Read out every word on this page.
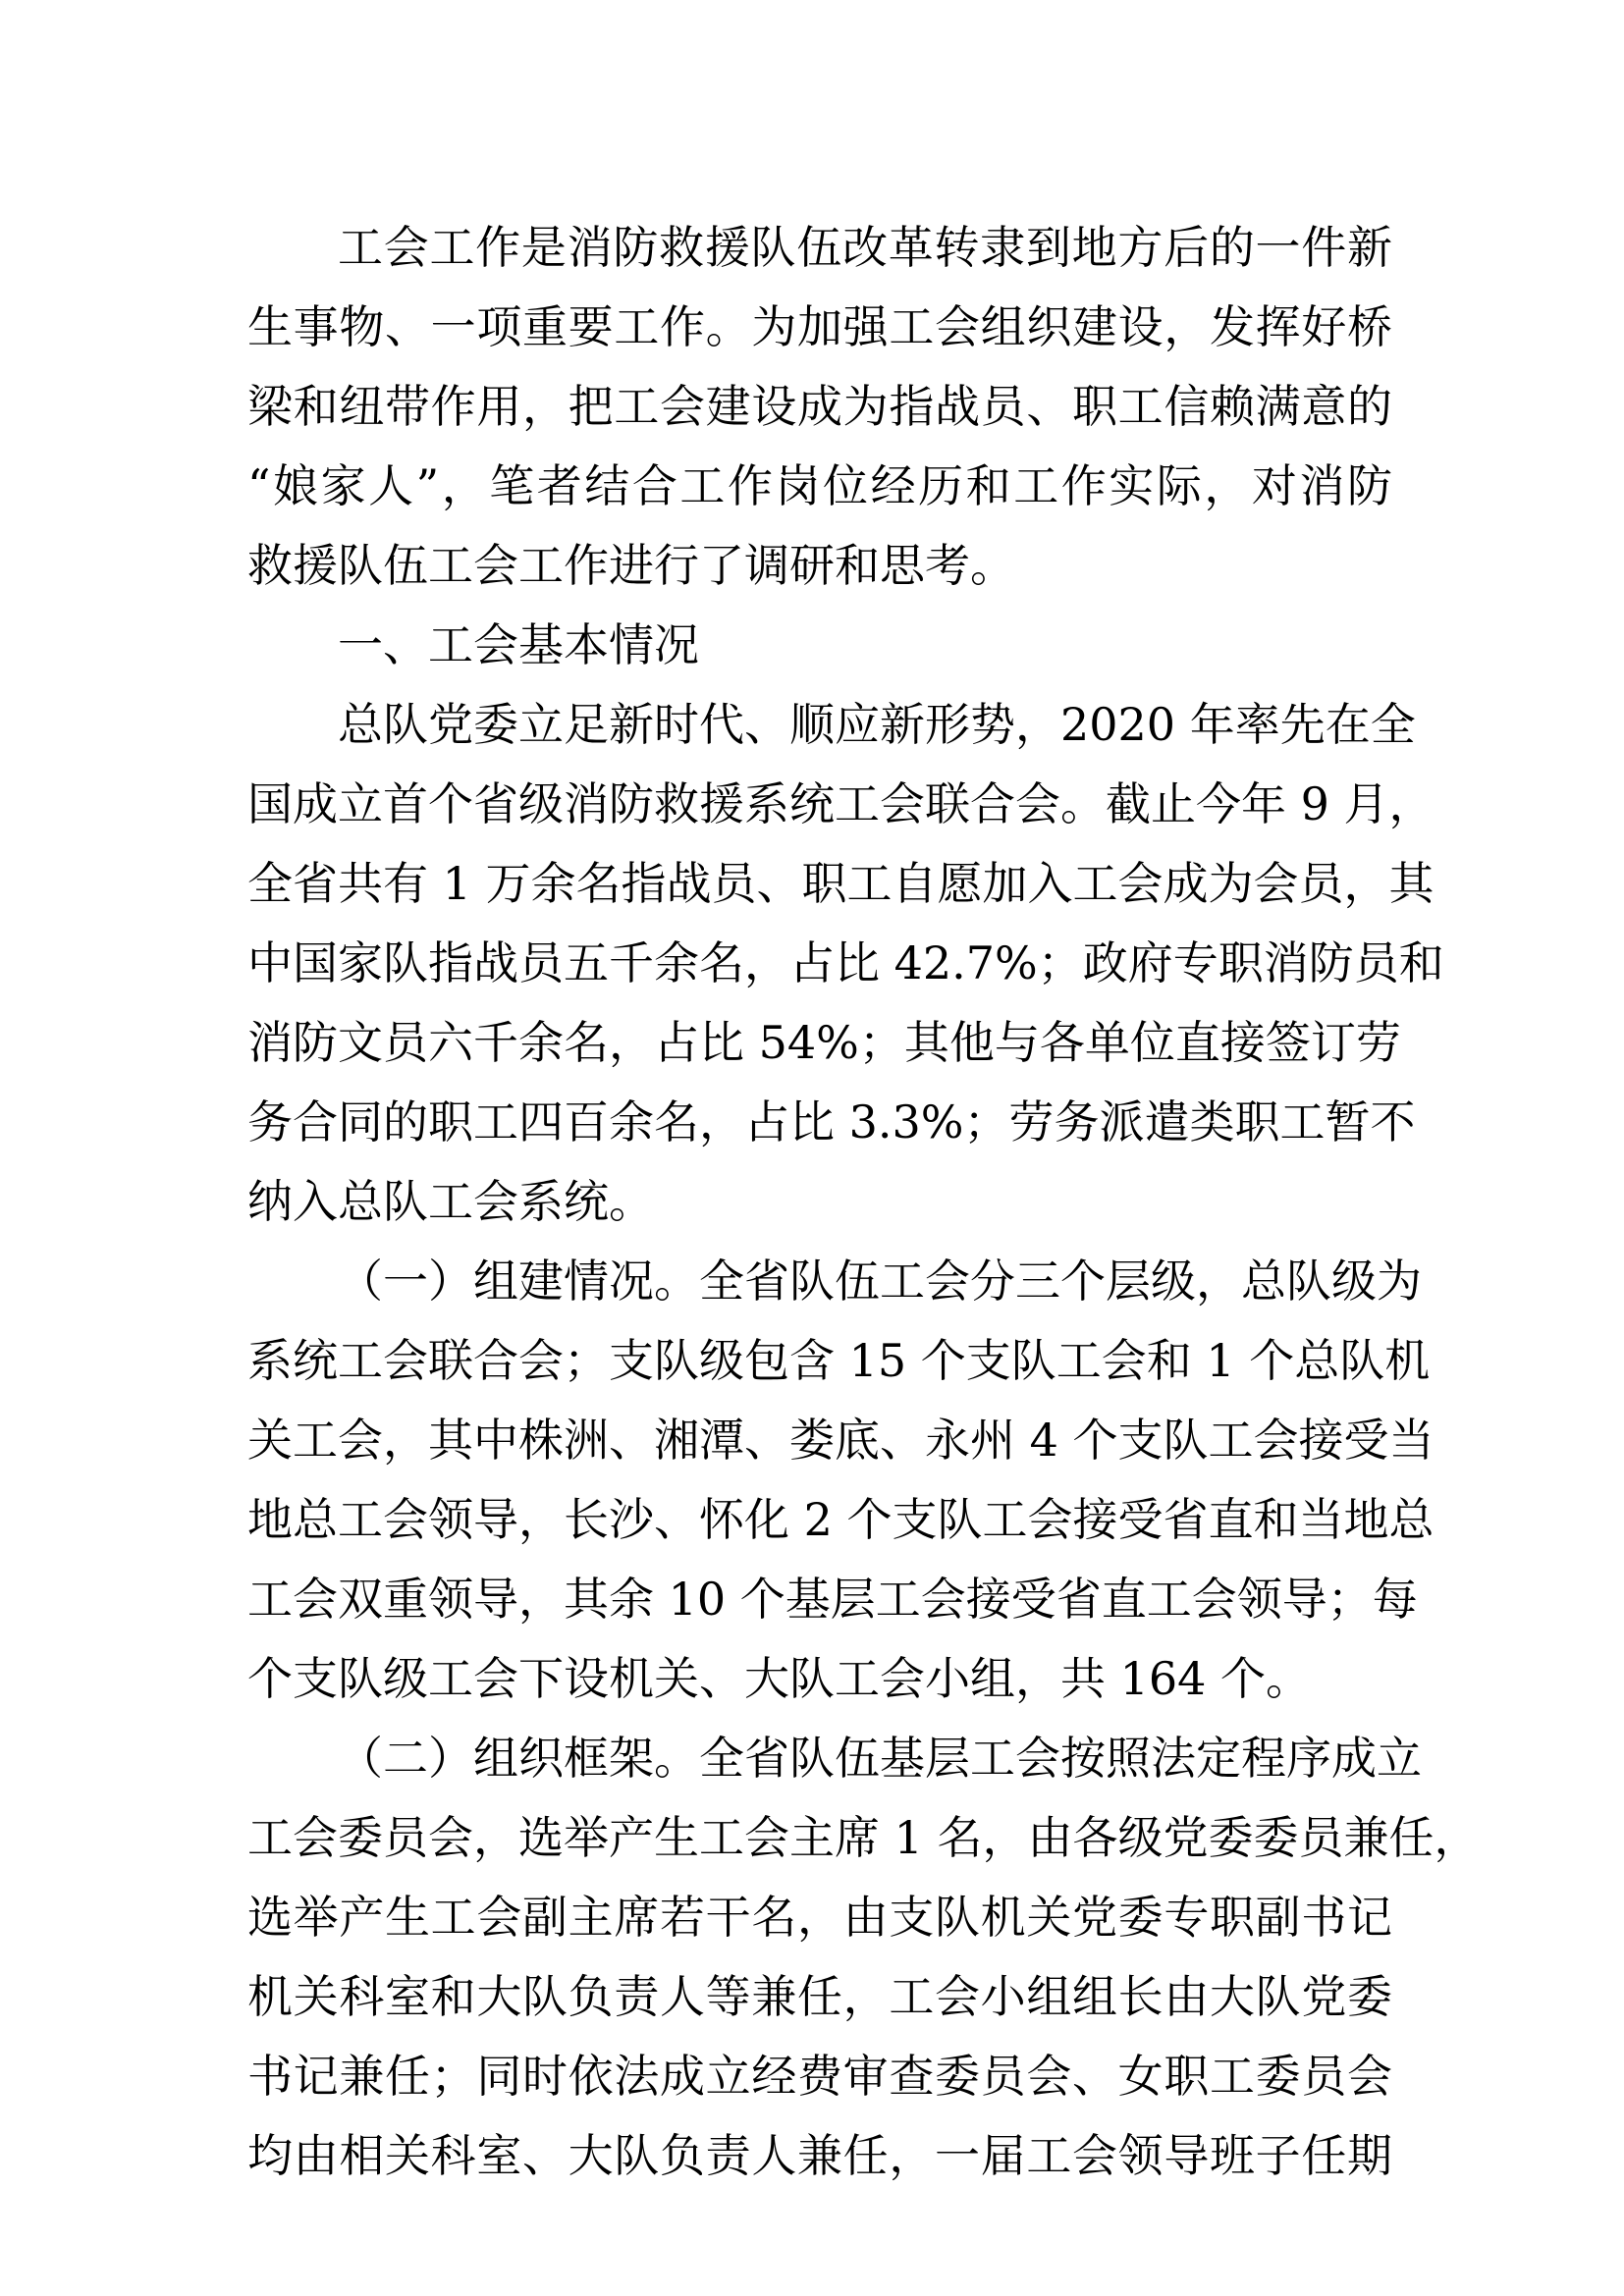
工会工作是消防救援队伍改革转隶到地方后的一件新
生事物、一项重要工作。为加强工会组织建设，发挥好桥
梁和纽带作用，把工会建设成为指战员、职工信赖满意的
“娘家人”，笔者结合工作岗位经历和工作实际，对消防
救援队伍工会工作进行了调研和思考。
一、工会基本情况
总队党委立足新时代、顺应新形势，2020 年率先在全
国成立首个省级消防救援系统工会联合会。截止今年 9 月，
全省共有 1 万余名指战员、职工自愿加入工会成为会员，其
中国家队指战员五千余名，占比 42.7%；政府专职消防员和
消防文员六千余名，占比 54%；其他与各单位直接签订劳
务合同的职工四百余名，占比 3.3%；劳务派遣类职工暂不
纳入总队工会系统。
（一）组建情况。全省队伍工会分三个层级，总队级为
系统工会联合会；支队级包含 15 个支队工会和 1 个总队机
关工会，其中株洲、湘潭、娄底、永州 4 个支队工会接受当
地总工会领导，长沙、怀化 2 个支队工会接受省直和当地总
工会双重领导，其余 10 个基层工会接受省直工会领导；每
个支队级工会下设机关、大队工会小组，共 164 个。
（二）组织框架。全省队伍基层工会按照法定程序成立
工会委员会，选举产生工会主席 1 名，由各级党委委员兼任，
选举产生工会副主席若干名，由支队机关党委专职副书记
机关科室和大队负责人等兼任，工会小组组长由大队党委
书记兼任；同时依法成立经费审查委员会、女职工委员会
均由相关科室、大队负责人兼任，一届工会领导班子任期
